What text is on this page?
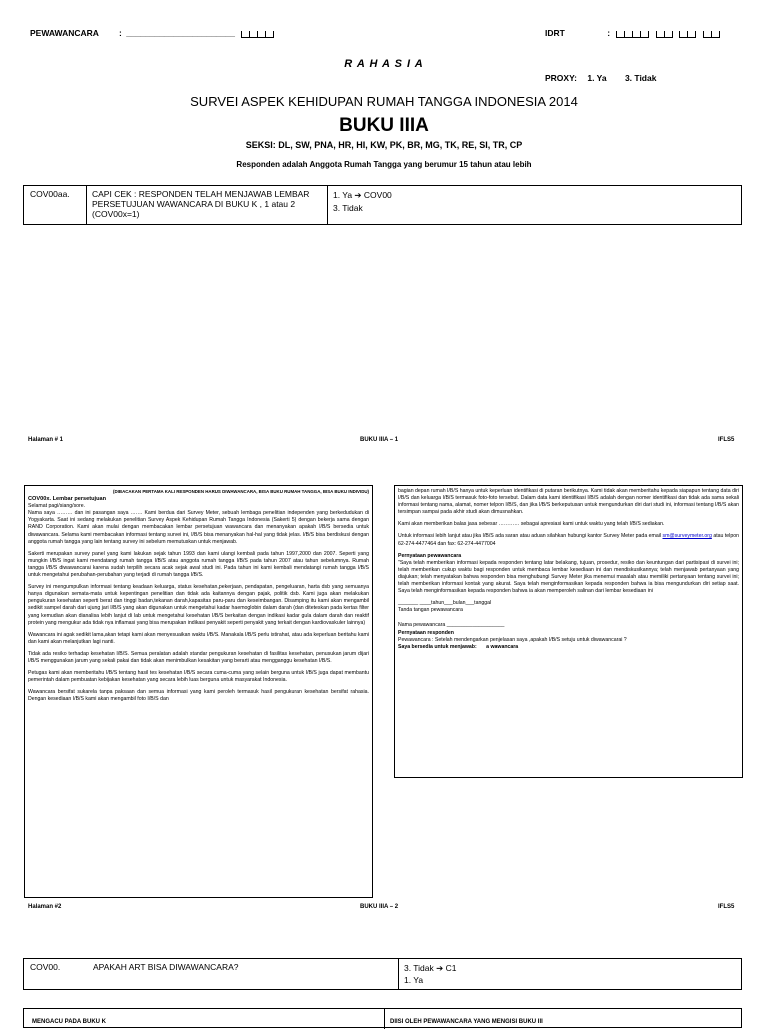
PEWAWANCARA : _______________________	IDRT	:
R A H A S I A
PROXY: 1. Ya 3. Tidak
SURVEI ASPEK KEHIDUPAN RUMAH TANGGA INDONESIA 2014
BUKU IIIA
SEKSI: DL, SW, PNA, HR, HI, KW, PK, BR, MG, TK, RE, SI, TR, CP
Responden adalah Anggota Rumah Tangga yang berumur 15 tahun atau lebih
COV00aa.	CAPI CEK : RESPONDEN TELAH MENJAWAB LEMBAR PERSETUJUAN WAWANCARA DI BUKU K , 1 atau 2 (COV00x=1)	
1. Ya ➔ COV00
3. Tidak
Halaman # 1	BUKU IIIA – 1	IFLS5
(DIBACAKAN PERTAMA KALI RESPONDEN HARUS DIWAWANCARA, BISA BUKU RUMAH TANGGA, BISA BUKU INDIVIDU)
COV00x. Lembar persetujuan
Selamat pagi/siang/sore.

Nama saya ……… dan ini pasangan saya ……. Kami berdua dari Survey Meter, sebuah lembaga penelitian independen yang berkedudukan di Yogyakarta. Saat ini sedang melakukan penelitian Survey Aspek Kehidupan Rumah Tangga Indonesia (Sakerti 5) dengan bekerja sama dengan RAND Corporation. Kami akan mulai dengan membacakan lembar persetujuan wawancara dan menanyakan apakah I/B/S bersedia untuk diwawancara. Selama kami membacakan informasi tentang survei ini, I/B/S bisa menanyakan hal-hal yang tidak jelas. I/B/S bisa berdiskusi dengan anggota rumah tangga yang lain tentang survey ini sebelum memutuskan untuk menjawab.

Sakerti merupakan survey panel yang kami lakukan sejak tahun 1993 dan kami ulangi kembali pada tahun 1997,2000 dan 2007. Seperti yang mungkin I/B/S ingat kami mendatangi rumah tangga I/B/S atau anggota rumah tangga I/B/S pada tahun 2007 atau tahun sebelumnya. Rumah tangga I/B/S diwawancarai karena sudah terpilih secara acak sejak awal studi ini. Pada tahun ini kami kembali mendatangi rumah tangga I/B/S untuk mengetahui perubahan-perubahan yang terjadi di rumah tangga I/B/S.

Survey ini mengumpulkan informasi tentang keadaan keluarga, status kesehatan,pekerjaan, pendapatan, pengeluaran, harta dsb yang semuanya hanya digunakan semata-mata untuk kepentingan penelitian dan tidak ada kaitannya dengan pajak, politik dsb. Kami juga akan melakukan pengukuran kesehatan seperti berat dan tinggi badan,tekanan darah,kapasitas paru-paru dan keseimbangan. Disamping itu kami akan mengambil sedikit sampel darah dari ujung jari I/B/S yang akan digunakan untuk mengetahui kadar haemoglobin dalam darah (dan diteteskan pada kertas filter yang kemudian akan dianalisa lebih lanjut di lab untuk mengetahui kesehatan I/B/S berkaitan dengan indikasi kadar gula dalam darah dan reaktif protein yang mengukur ada tidak nya inflamasi yang bisa merupakan indikasi penyakit seperti penyakit yang terkait dengan kardiovaskuler lainnya)

Wawancara ini agak sedikit lama,akan tetapi kami akan menyesuaikan waktu I/B/S. Manakala I/B/S perlu istirahat, atau ada keperluan beritahu kami dan kami akan melanjutkan lagi nanti.

Tidak ada resiko terhadap kesehatan I/B/S. Semua peralatan adalah standar pengukuran kesehatan di fasilitas kesehatan, penusukan jarum dijari I/B/S menggunakan jarum yang sekali pakai dan tidak akan menimbulkan kesakitan yang berarti atau mengganggu kesehatan I/B/S.

Petugas kami akan memberitahu I/B/S tentang hasil tes kesehatan I/B/S secara cuma-cuma yang selain berguna untuk I/B/S juga dapat membantu pemerintah dalam pembuatan kebijakan kesehatan yang secara lebih luas berguna untuk masyarakat Indonesia.

Wawancara bersifat sukarela tanpa paksaan dan semua informasi yang kami peroleh termasuk hasil pengukuran kesehatan bersifat rahasia. Dengan kesediaan I/B/S kami akan mengambil foto I/B/S dan

bagian depan rumah I/B/S hanya untuk keperluan identifikasi di putaran berikutnya. Kami tidak akan memberitahu kepada siapapun tentang data diri I/B/S dan keluarga I/B/S termasuk foto-foto tersebut. Dalam data kami identifikasi I/B/S adalah dengan nomer identifikasi dan tidak ada sama sekali informasi tentang nama, alamat, nomer telpon I/B/S, dan jika I/B/S berkeputusan untuk mengundurkan diri dari studi ini, informasi tentang I/B/S akan tersimpan sampai pada akhir studi akan dimusnahkan.

Kami akan memberikan balas jasa sebesar ………… sebagai apresiasi kami untuk waktu yang telah I/B/S sediakan.

Untuk informasi lebih lanjut atau jika I/B/S ada saran atau aduan silahkan hubungi kantor Survey Meter pada email sm@surveymeter.org atau telpon 62-274-4477464 dan fax: 62-274-4477004

Pernyataan pewawancara

"Saya telah memberikan informasi kepada responden tentang latar belakang, tujuan, prosedur, resiko dan keuntungan dari partisipasi di survei ini; telah memberikan cukup waktu bagi responden untuk membaca lembar kesediaan ini dan mendiskusikannya; telah menjawab pertanyaan yang diajukan; telah menyatakan bahwa responden bisa menghubungi Survey Meter jika menemui masalah atau memiliki pertanyaan tentang survei ini; telah memberikan informasi kontak yang akurat. Saya telah menginformasikan kepada responden bahwa ia bisa mengundurkan diri setiap saat. Saya telah menginformasikan kepada responden bahwa ia akan memperoleh salinan dari lembar kesediaan ini

_______ ____tahun___bulan___tanggal
Tanda tangan pewawancara
Nama pewawancara ____________________
Pernyataan responden
Pewawancara : Setelah mendengarkan penjelasan saya ,apakah I/B/S setuju untuk diwawancarai ?
Saya bersedia untuk menjawab: a wawancara
Halaman #2	BUKU IIIA – 2	IFLS5
COV00.	APAKAH ART BISA DIWAWANCARA?	3. Tidak ➔ C1
1. Ya
MENGACU PADA BUKU K	DIISI OLEH PEWAWANCARA YANG MENGISI BUKU III
